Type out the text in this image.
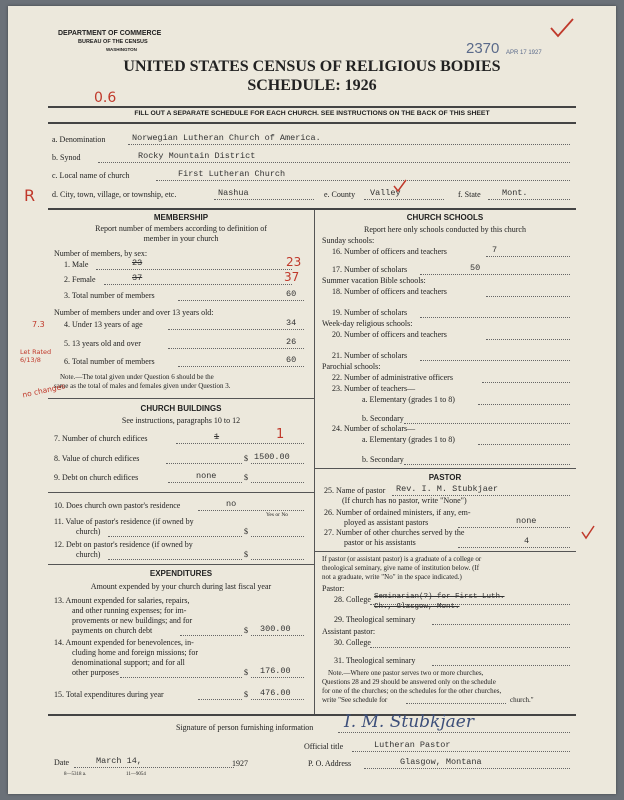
DEPARTMENT OF COMMERCE
BUREAU OF THE CENSUS
WASHINGTON	2370 APR 17 1927
UNITED STATES CENSUS OF RELIGIOUS BODIES
SCHEDULE: 1926
0.6
FILL OUT A SEPARATE SCHEDULE FOR EACH CHURCH. SEE INSTRUCTIONS ON THE BACK OF THIS SHEET
a. Denomination	Norwegian Lutheran Church of America.
b. Synod	Rocky Mountain District
c. Local name of church	First Lutheran Church
R d. City, town, village, or township, etc.	Nashua	e. County Valley	f. State	Mont.
MEMBERSHIP
Report number of members according to definition of
member in your church
Number of members, by sex:
1. Male	23	23
2. Female	37	37
3. Total number of members	60
Number of members under and over 13 years old:
7.3 4. Under 13 years of age	34
5. 13 years old and over	26
Let Rated 6/13/8	6. Total number of members	60
Note.—The total given under Question 6 should be the
same as the total of males and females given under Question 3.
no changes
CHURCH BUILDINGS
See instructions, paragraphs 10 to 12
7. Number of church edifices	1	1
8. Value of church edifices	$ 1500.00
9. Debt on church edifices	none	$
10. Does church own pastor's residence	no
Yes or No
11. Value of pastor's residence (if owned by
church)	$
12. Debt on pastor's residence (if owned by
church)	$
EXPENDITURES
Amount expended by your church during last fiscal year
13. Amount expended for salaries, repairs,
and other running expenses; for im-
provements or new buildings; and for
payments on church debt	$ 300.00
14. Amount expended for benevolences, in-
cluding home and foreign missions; for
denominational support; and for all
other purposes	$ 176.00
15. Total expenditures during year	$ 476.00
CHURCH SCHOOLS
Report here only schools conducted by this church
Sunday schools:
16. Number of officers and teachers	7
17. Number of scholars	50
Summer vacation Bible schools:
18. Number of officers and teachers
19. Number of scholars
Week-day religious schools:
20. Number of officers and teachers
21. Number of scholars
Parochial schools:
22. Number of administrative officers
23. Number of teachers—
a. Elementary (grades 1 to 8)
b. Secondary
24. Number of scholars—
a. Elementary (grades 1 to 8)
b. Secondary
PASTOR
25. Name of pastor Rev. I. M. Stubkjaer
(If church has no pastor, write "None")
26. Number of ordained ministers, if any, em-
ployed as assistant pastors	none
27. Number of other churches served by the
pastor or his assistants	4
If pastor (or assistant pastor) is a graduate of a college or
theological seminary, give name of institution below. (If
not a graduate, write "No" in the space indicated.)
Pastor:
28. College Seminarian(?) for First Luth.
Ch., Glasgow, Mont.
29. Theological seminary
Assistant pastor:
30. College
31. Theological seminary
Note.—Where one pastor serves two or more churches,
Questions 28 and 29 should be answered only on the schedule
for one of the churches; on the schedules for the other churches,
write "See schedule for	church."
Signature of person furnishing information I. M. Stubkjaer
Official title	Lutheran Pastor
Date	March 14,	1927	P. O. Address	Glasgow, Montana
8—5318 a.	11—9054
